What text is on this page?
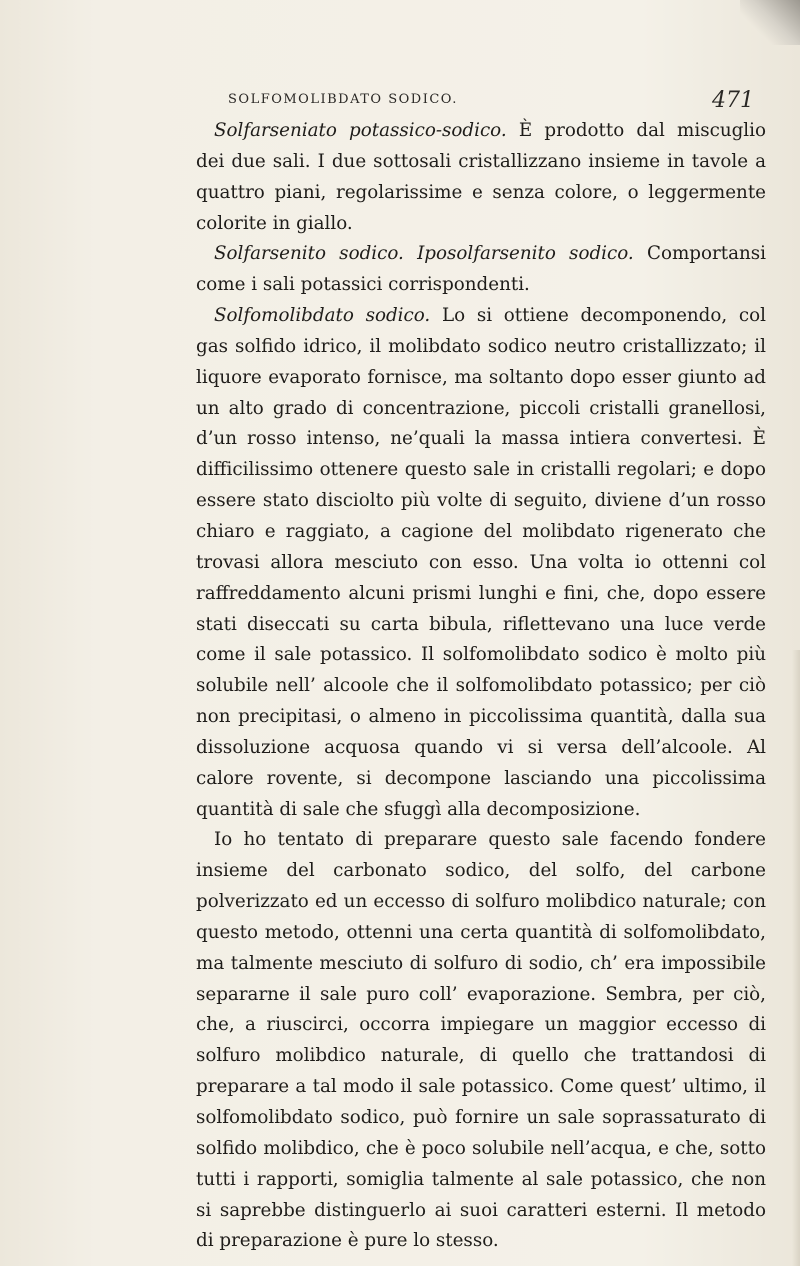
SOLFOMOLIBDATO SODICO.	471

Solfarseniato potassico-sodico. È prodotto dal miscuglio dei due sali. I due sottosali cristallizzano insieme in tavole a quattro piani, regolarissime e senza colore, o leggermente colorite in giallo.

Solfarsenito sodico. Iposolfarsenito sodico. Comportansi come i sali potassici corrispondenti.

Solfomolibdato sodico. Lo si ottiene decomponendo, col gas solfido idrico, il molibdato sodico neutro cristallizzato; il liquore evaporato fornisce, ma soltanto dopo esser giunto ad un alto grado di concentrazione, piccoli cristalli granellosi, d’un rosso intenso, ne’quali la massa intiera convertesi. È difficilissimo ottenere questo sale in cristalli regolari; e dopo essere stato disciolto più volte di seguito, diviene d’un rosso chiaro e raggiato, a cagione del molibdato rigenerato che trovasi allora mesciuto con esso. Una volta io ottenni col raffreddamento alcuni prismi lunghi e fini, che, dopo essere stati diseccati su carta bibula, riflettevano una luce verde come il sale potassico. Il solfomolibdato sodico è molto più solubile nell’ alcoole che il solfomolibdato potassico; per ciò non precipitasi, o almeno in piccolissima quantità, dalla sua dissoluzione acquosa quando vi si versa dell’alcoole. Al calore rovente, si decompone lasciando una piccolissima quantità di sale che sfuggì alla decomposizione.

Io ho tentato di preparare questo sale facendo fondere insieme del carbonato sodico, del solfo, del carbone polverizzato ed un eccesso di solfuro molibdico naturale; con questo metodo, ottenni una certa quantità di solfomolibdato, ma talmente mesciuto di solfuro di sodio, ch’ era impossibile separarne il sale puro coll’ evaporazione. Sembra, per ciò, che, a riuscirci, occorra impiegare un maggior eccesso di solfuro molibdico naturale, di quello che trattandosi di preparare a tal modo il sale potassico. Come quest’ ultimo, il solfomolibdato sodico, può fornire un sale soprassaturato di solfido molibdico, che è poco solubile nell’acqua, e che, sotto tutti i rapporti, somiglia talmente al sale potassico, che non si saprebbe distinguerlo ai suoi caratteri esterni. Il metodo di preparazione è pure lo stesso.
